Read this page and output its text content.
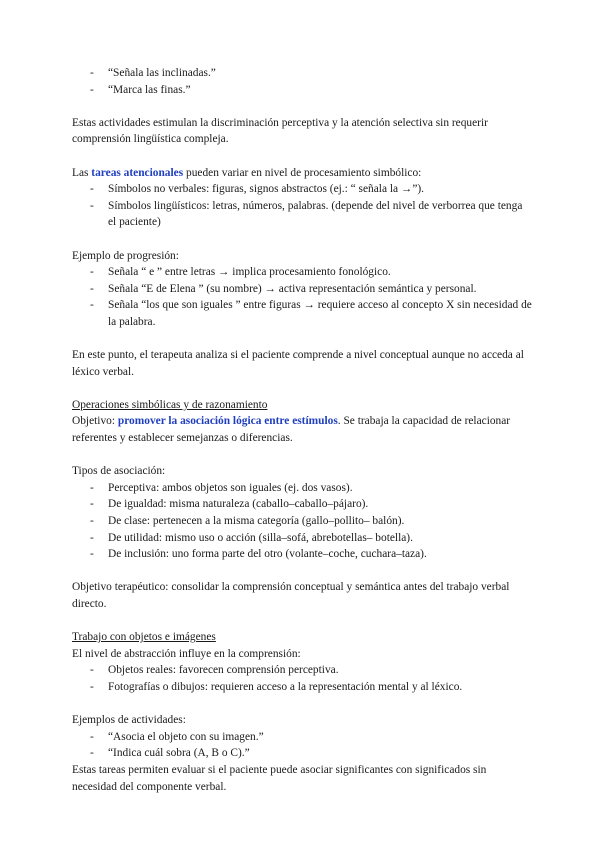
- “Señala las inclinadas.”
- “Marca las finas.”

Estas actividades estimulan la discriminación perceptiva y la atención selectiva sin requerir comprensión lingüística compleja.

Las tareas atencionales pueden variar en nivel de procesamiento simbólico:

- Símbolos no verbales: figuras, signos abstractos (ej.: “ señala la →”).
- Símbolos lingüísticos: letras, números, palabras. (depende del nivel de verborrea que tenga el paciente)

Ejemplo de progresión:

- Señala “ e ” entre letras → implica procesamiento fonológico.
- Señala “E de Elena ” (su nombre) → activa representación semántica y personal.
- Señala “los que son iguales ” entre figuras → requiere acceso al concepto X sin necesidad de la palabra.

En este punto, el terapeuta analiza si el paciente comprende a nivel conceptual aunque no acceda al léxico verbal.

Operaciones simbólicas y de razonamiento

Objetivo: promover la asociación lógica entre estímulos. Se trabaja la capacidad de relacionar referentes y establecer semejanzas o diferencias.

Tipos de asociación:

- Perceptiva: ambos objetos son iguales (ej. dos vasos).
- De igualdad: misma naturaleza (caballo–caballo–pájaro).
- De clase: pertenecen a la misma categoría (gallo–pollito– balón).
- De utilidad: mismo uso o acción (silla–sofá, abrebotellas– botella).
- De inclusión: uno forma parte del otro (volante–coche, cuchara–taza).

Objetivo terapéutico: consolidar la comprensión conceptual y semántica antes del trabajo verbal directo.

Trabajo con objetos e imágenes

El nivel de abstracción influye en la comprensión:

- Objetos reales: favorecen comprensión perceptiva.
- Fotografías o dibujos: requieren acceso a la representación mental y al léxico.

Ejemplos de actividades:

- “Asocia el objeto con su imagen.”
- “Indica cuál sobra (A, B o C).”

Estas tareas permiten evaluar si el paciente puede asociar significantes con significados sin necesidad del componente verbal.
